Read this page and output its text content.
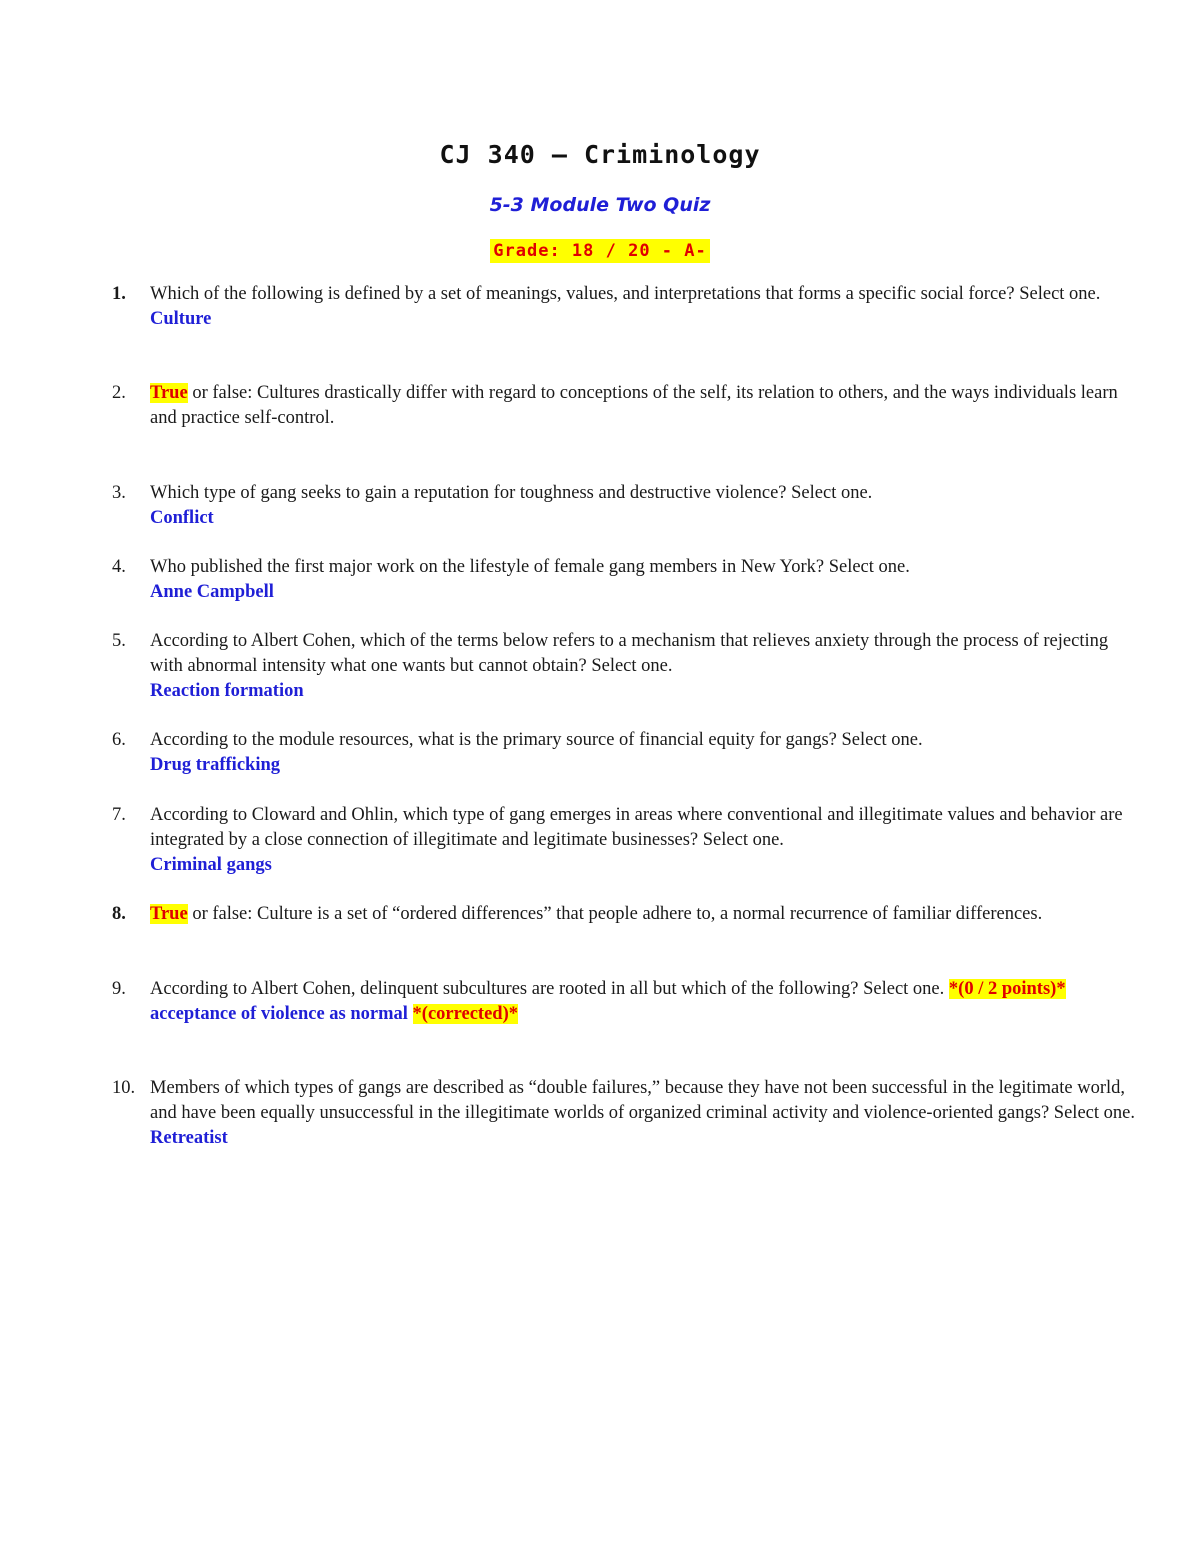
CJ 340 – Criminology
5-3 Module Two Quiz
Grade: 18 / 20 - A-
1.	Which of the following is defined by a set of meanings, values, and interpretations that forms a specific social force? Select one.
Culture
2.	True or false: Cultures drastically differ with regard to conceptions of the self, its relation to others, and the ways individuals learn and practice self-control.
3.	Which type of gang seeks to gain a reputation for toughness and destructive violence? Select one.
Conflict
4.	Who published the first major work on the lifestyle of female gang members in New York? Select one.
Anne Campbell
5.	According to Albert Cohen, which of the terms below refers to a mechanism that relieves anxiety through the process of rejecting with abnormal intensity what one wants but cannot obtain? Select one.
Reaction formation
6.	According to the module resources, what is the primary source of financial equity for gangs? Select one.
Drug trafficking
7.	According to Cloward and Ohlin, which type of gang emerges in areas where conventional and illegitimate values and behavior are integrated by a close connection of illegitimate and legitimate businesses? Select one.
Criminal gangs
8.	True or false: Culture is a set of “ordered differences” that people adhere to, a normal recurrence of familiar differences.
9.	According to Albert Cohen, delinquent subcultures are rooted in all but which of the following? Select one. *(0 / 2 points)*
acceptance of violence as normal *(corrected)*
10. Members of which types of gangs are described as “double failures,” because they have not been successful in the legitimate world, and have been equally unsuccessful in the illegitimate worlds of organized criminal activity and violence-oriented gangs? Select one.
Retreatist
